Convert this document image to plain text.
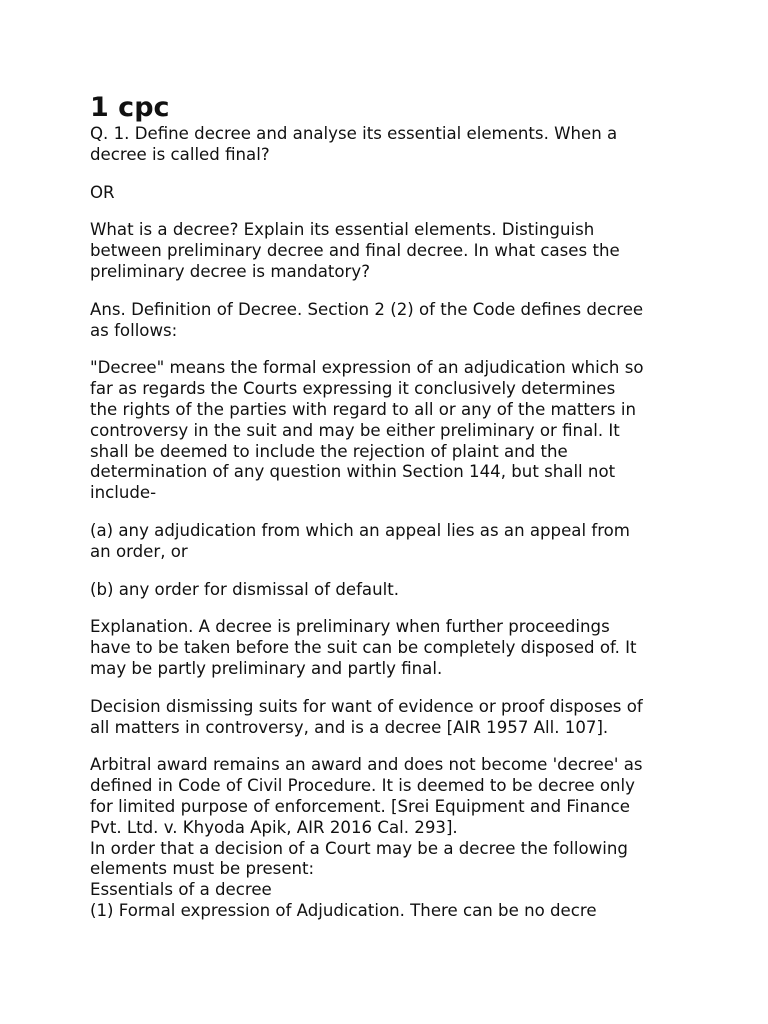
1 cpc

Q. 1. Define decree and analyse its essential elements. When a
decree is called final?

OR

What is a decree? Explain its essential elements. Distinguish
between preliminary decree and final decree. In what cases the
preliminary decree is mandatory?

Ans. Definition of Decree. Section 2 (2) of the Code defines decree
as follows:

"Decree" means the formal expression of an adjudication which so
far as regards the Courts expressing it conclusively determines
the rights of the parties with regard to all or any of the matters in
controversy in the suit and may be either preliminary or final. It
shall be deemed to include the rejection of plaint and the
determination of any question within Section 144, but shall not
include-

(a) any adjudication from which an appeal lies as an appeal from
an order, or

(b) any order for dismissal of default.

Explanation. A decree is preliminary when further proceedings
have to be taken before the suit can be completely disposed of. It
may be partly preliminary and partly final.

Decision dismissing suits for want of evidence or proof disposes of
all matters in controversy, and is a decree [AIR 1957 All. 107].

Arbitral award remains an award and does not become 'decree' as
defined in Code of Civil Procedure. It is deemed to be decree only
for limited purpose of enforcement. [Srei Equipment and Finance
Pvt. Ltd. v. Khyoda Apik, AIR 2016 Cal. 293].
In order that a decision of a Court may be a decree the following
elements must be present:
Essentials of a decree
(1) Formal expression of Adjudication. There can be no decre
